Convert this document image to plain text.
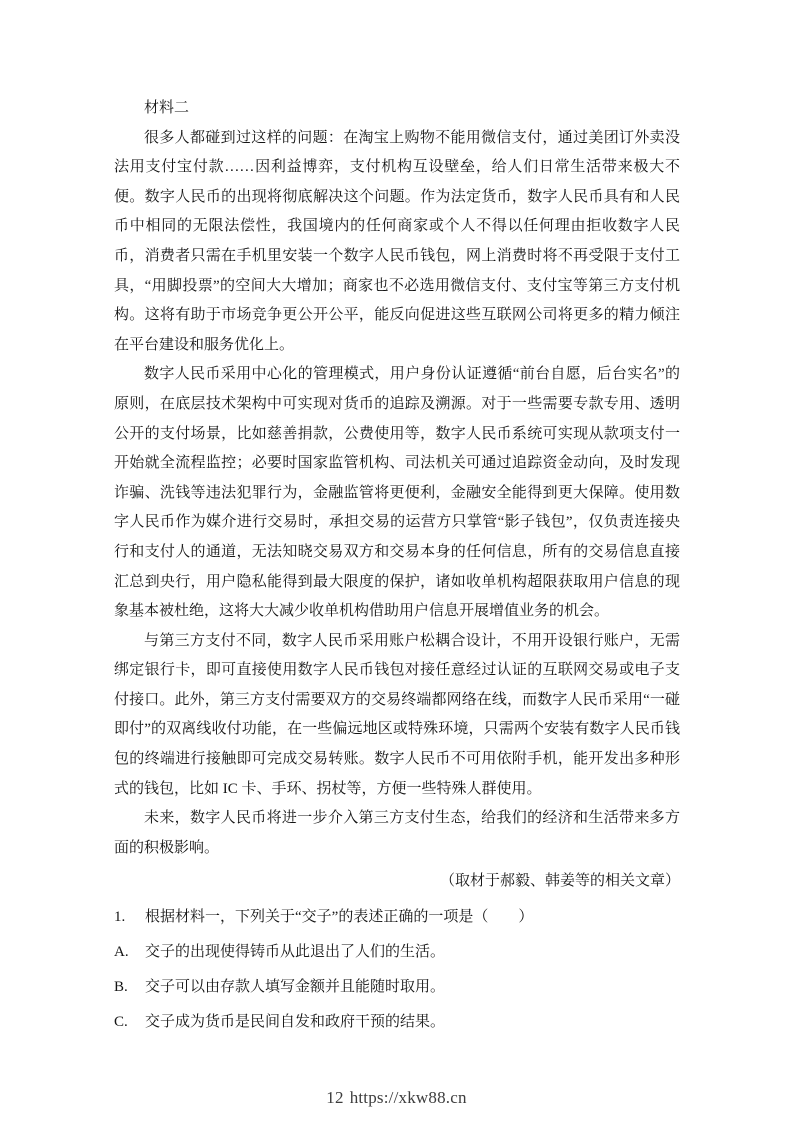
材料二

很多人都碰到过这样的问题：在淘宝上购物不能用微信支付，通过美团订外卖没法用支付宝付款……因利益博弈，支付机构互设壁垒，给人们日常生活带来极大不便。数字人民币的出现将彻底解决这个问题。作为法定货币，数字人民币具有和人民币中相同的无限法偿性，我国境内的任何商家或个人不得以任何理由拒收数字人民币，消费者只需在手机里安装一个数字人民币钱包，网上消费时将不再受限于支付工具，“用脚投票”的空间大大增加；商家也不必选用微信支付、支付宝等第三方支付机构。这将有助于市场竞争更公开公平，能反向促进这些互联网公司将更多的精力倾注在平台建设和服务优化上。

数字人民币采用中心化的管理模式，用户身份认证遵循“前台自愿，后台实名”的原则，在底层技术架构中可实现对货币的追踪及溯源。对于一些需要专款专用、透明公开的支付场景，比如慈善捐款，公费使用等，数字人民币系统可实现从款项支付一开始就全流程监控；必要时国家监管机构、司法机关可通过追踪资金动向，及时发现诈骗、洗钱等违法犯罪行为，金融监管将更便利，金融安全能得到更大保障。使用数字人民币作为媒介进行交易时，承担交易的运营方只掌管“影子钱包”，仅负责连接央行和支付人的通道，无法知晓交易双方和交易本身的任何信息，所有的交易信息直接汇总到央行，用户隐私能得到最大限度的保护，诸如收单机构超限获取用户信息的现象基本被杜绝，这将大大减少收单机构借助用户信息开展增值业务的机会。

与第三方支付不同，数字人民币采用账户松耦合设计，不用开设银行账户，无需绑定银行卡，即可直接使用数字人民币钱包对接任意经过认证的互联网交易或电子支付接口。此外，第三方支付需要双方的交易终端都网络在线，而数字人民币采用“一碰即付”的双离线收付功能，在一些偏远地区或特殊环境，只需两个安装有数字人民币钱包的终端进行接触即可完成交易转账。数字人民币不可用依附手机，能开发出多种形式的钱包，比如 IC 卡、手环、拐杖等，方便一些特殊人群使用。

未来，数字人民币将进一步介入第三方支付生态，给我们的经济和生活带来多方面的积极影响。

（取材于郝毅、韩姜等的相关文章）

1. 根据材料一，下列关于“交子”的表述正确的一项是（　　）

A. 交子的出现使得铸币从此退出了人们的生活。

B. 交子可以由存款人填写金额并且能随时取用。

C. 交子成为货币是民间自发和政府干预的结果。

12 https://xkw88.cn
